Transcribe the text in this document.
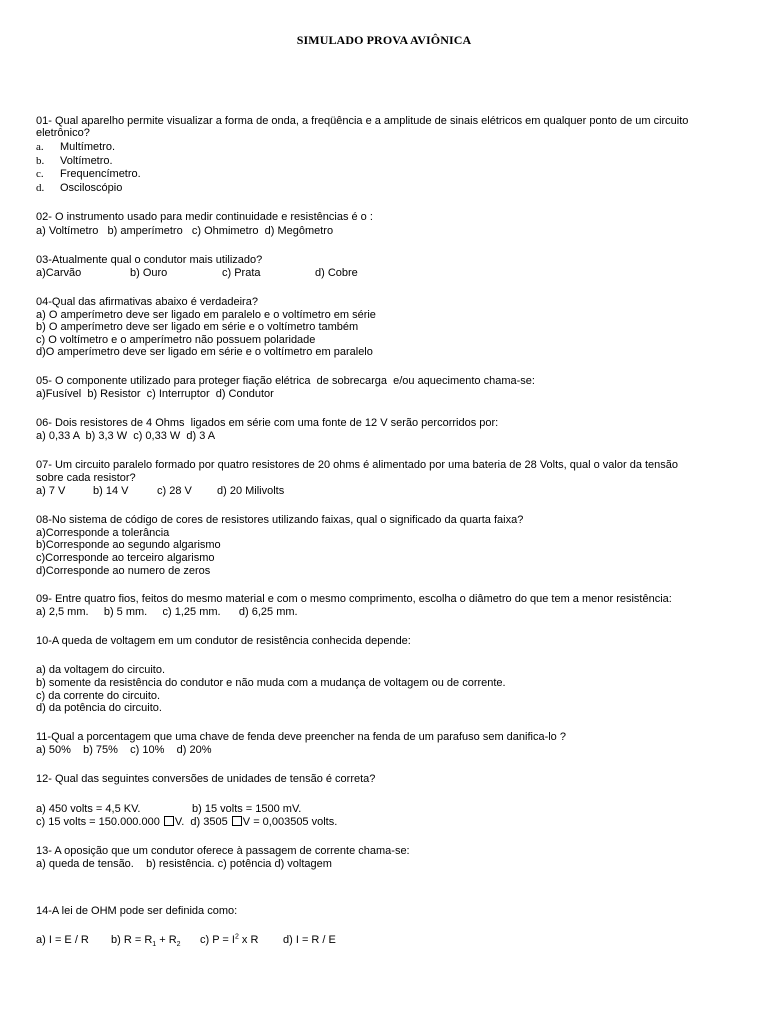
SIMULADO PROVA AVIÔNICA
01- Qual aparelho permite visualizar a forma de onda, a freqüência e a amplitude de sinais elétricos em qualquer ponto de um circuito
eletrônico?
a. Multímetro.
b. Voltímetro.
c. Frequencímetro.
d. Osciloscópio
02- O instrumento usado para medir continuidade e resistências é o :
a) Voltímetro   b) amperímetro   c) Ohmimetro  d) Megômetro
03-Atualmente qual o condutor mais utilizado?
a)Carvão	b) Ouro	c) Prata	d) Cobre
04-Qual das afirmativas abaixo é verdadeira?
a) O amperímetro deve ser ligado em paralelo e o voltímetro em série
b) O amperímetro deve ser ligado em série e o voltímetro também
c) O voltímetro e o amperímetro não possuem polaridade
d)O amperímetro deve ser ligado em série e o voltímetro em paralelo
05- O componente utilizado para proteger fiação elétrica  de sobrecarga  e/ou aquecimento chama-se:
a)Fusível  b) Resistor  c) Interruptor  d) Condutor
06- Dois resistores de 4 Ohms  ligados em série com uma fonte de 12 V serão percorridos por:
a) 0,33 A  b) 3,3 W  c) 0,33 W  d) 3 A
07- Um circuito paralelo formado por quatro resistores de 20 ohms é alimentado por uma bateria de 28 Volts, qual o valor da tensão
sobre cada resistor?
a) 7 V	b) 14 V	c) 28 V d) 20 Milivolts
08-No sistema de código de cores de resistores utilizando faixas, qual o significado da quarta faixa?
a)Corresponde a tolerância
b)Corresponde ao segundo algarismo
c)Corresponde ao terceiro algarismo
d)Corresponde ao numero de zeros
09- Entre quatro fios, feitos do mesmo material e com o mesmo comprimento, escolha o diâmetro do que tem a menor resistência:
a) 2,5 mm.     b) 5 mm.     c) 1,25 mm.      d) 6,25 mm.
10-A queda de voltagem em um condutor de resistência conhecida depende:
a) da voltagem do circuito.
b) somente da resistência do condutor e não muda com a mudança de voltagem ou de corrente.
c) da corrente do circuito.
d) da potência do circuito.
11-Qual a porcentagem que uma chave de fenda deve preencher na fenda de um parafuso sem danifica-lo ?
a) 50%    b) 75%    c) 10%    d) 20%
12- Qual das seguintes conversões de unidades de tensão é correta?
a) 450 volts = 4,5 KV.	b) 15 volts = 1500 mV.
c) 15 volts = 150.000.000 V. d) 3505 V = 0,003505 volts.
13- A oposição que um condutor oferece à passagem de corrente chama-se:
a) queda de tensão.    b) resistência. c) potência d) voltagem
14-A lei de OHM pode ser definida como:
a) I = E / R b) $R = R_1 + R_2$ c) $P = I^2$ x R d) I = R / E
